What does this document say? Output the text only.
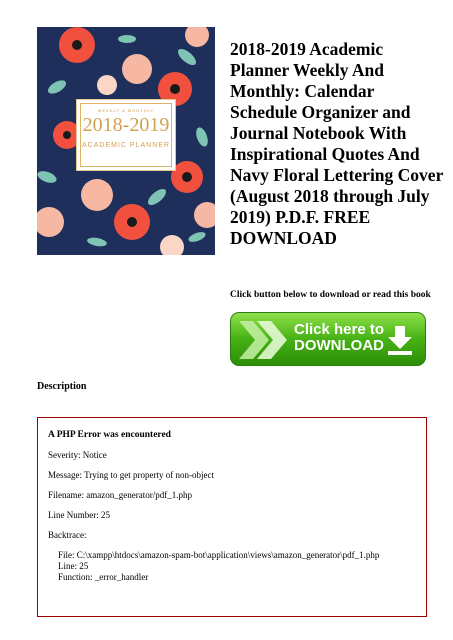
WEEKLY & MONTHLY
2018-2019
ACADEMIC PLANNER
2018-2019 Academic Planner Weekly And Monthly: Calendar Schedule Organizer and Journal Notebook With Inspirational Quotes And Navy Floral Lettering Cover (August 2018 through July 2019) P.D.F. FREE DOWNLOAD
Click button below to download or read this book
Click here to
DOWNLOAD
Description

A PHP Error was encountered

Severity: Notice

Message: Trying to get property of non-object

Filename: amazon_generator/pdf_1.php

Line Number: 25

Backtrace:

File: C:\xampp\htdocs\amazon-spam-bot\application\views\amazon_generator\pdf_1.php
Line: 25
Function: _error_handler
